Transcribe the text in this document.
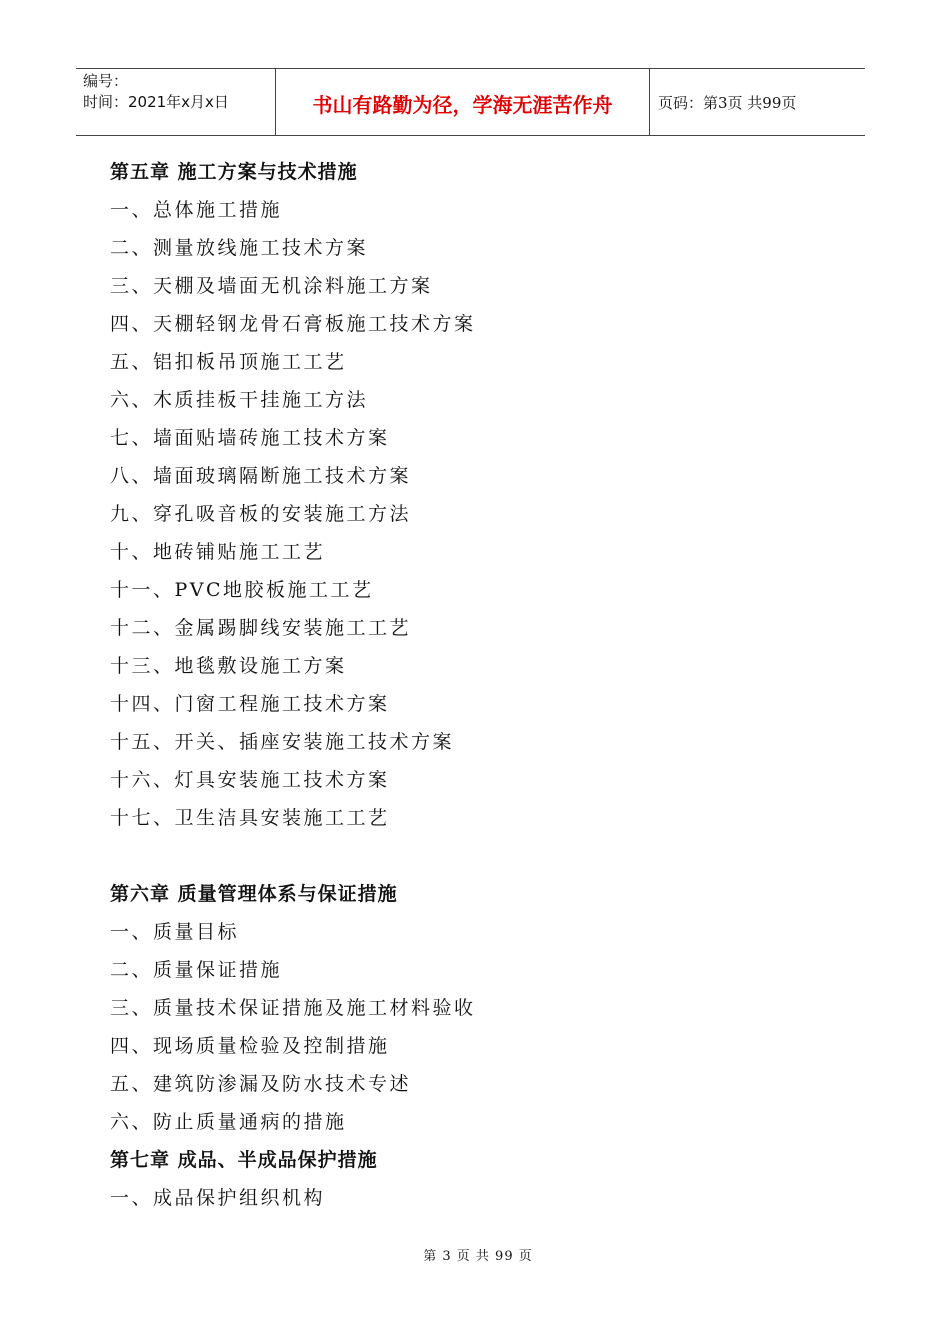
编号：
时间：2021年x月x日	书山有路勤为径，学海无涯苦作舟	页码：第3页 共99页
第五章 施工方案与技术措施
一、总体施工措施
二、测量放线施工技术方案
三、天棚及墙面无机涂料施工方案
四、天棚轻钢龙骨石膏板施工技术方案
五、铝扣板吊顶施工工艺
六、木质挂板干挂施工方法
七、墙面贴墙砖施工技术方案
八、墙面玻璃隔断施工技术方案
九、穿孔吸音板的安装施工方法
十、地砖铺贴施工工艺
十一、PVC地胶板施工工艺
十二、金属踢脚线安装施工工艺
十三、地毯敷设施工方案
十四、门窗工程施工技术方案
十五、开关、插座安装施工技术方案
十六、灯具安装施工技术方案
十七、卫生洁具安装施工工艺
第六章 质量管理体系与保证措施
一、质量目标
二、质量保证措施
三、质量技术保证措施及施工材料验收
四、现场质量检验及控制措施
五、建筑防渗漏及防水技术专述
六、防止质量通病的措施
第七章 成品、半成品保护措施
一、成品保护组织机构
第 3 页 共 99 页
